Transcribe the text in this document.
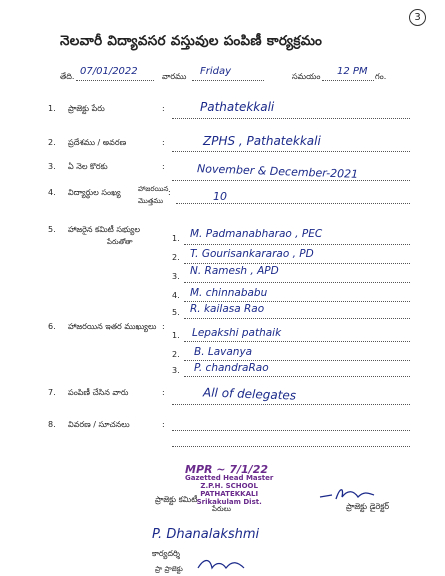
3
నెలవారీ విద్యావసర వస్తువుల పంపిణీ కార్యక్రమం
తేది. 07/01/2022	వారము Friday	సమయం 12 PM గం.
1. ప్రాజెక్టు పేరు	:	Pathatekkali
2. ప్రదేశము / అవరణ	:	ZPHS , Pathatekkali
3. ఏ నెల కొరకు	:	November & December-2021
4. విద్యార్థుల సంఖ్య హాజరయిన
మొత్తము
:	10
5. హాజరైన కమిటీ సభ్యుల
పేరుతోతా	1. M. Padmanabharao , PEC
2. T. Gourisankararao , PD
3. N. Ramesh , APD
4. M. chinnababu
5. R. kailasa Rao
6. హాజరయిన ఇతర ముఖ్యులు :
1. Lepakshi pathaik
2. B. Lavanya
3. P. chandraRao
7. పంపిణీ చేసిన వారు	:	All of delegates
8. వివరణ / సూచనలు	:
MPR ~ 7/1/22
Gazetted Head Master
Z.P.H. SCHOOL
PATHATEKKALI
Srikakulam Dist.
ప్రాజెక్టు కమిటీ
పేరులు	ప్రాజెక్టు డైరెక్టర్
P. Dhanalakshmi
కార్యదర్శి
ప్రా ప్రాజెక్టు
